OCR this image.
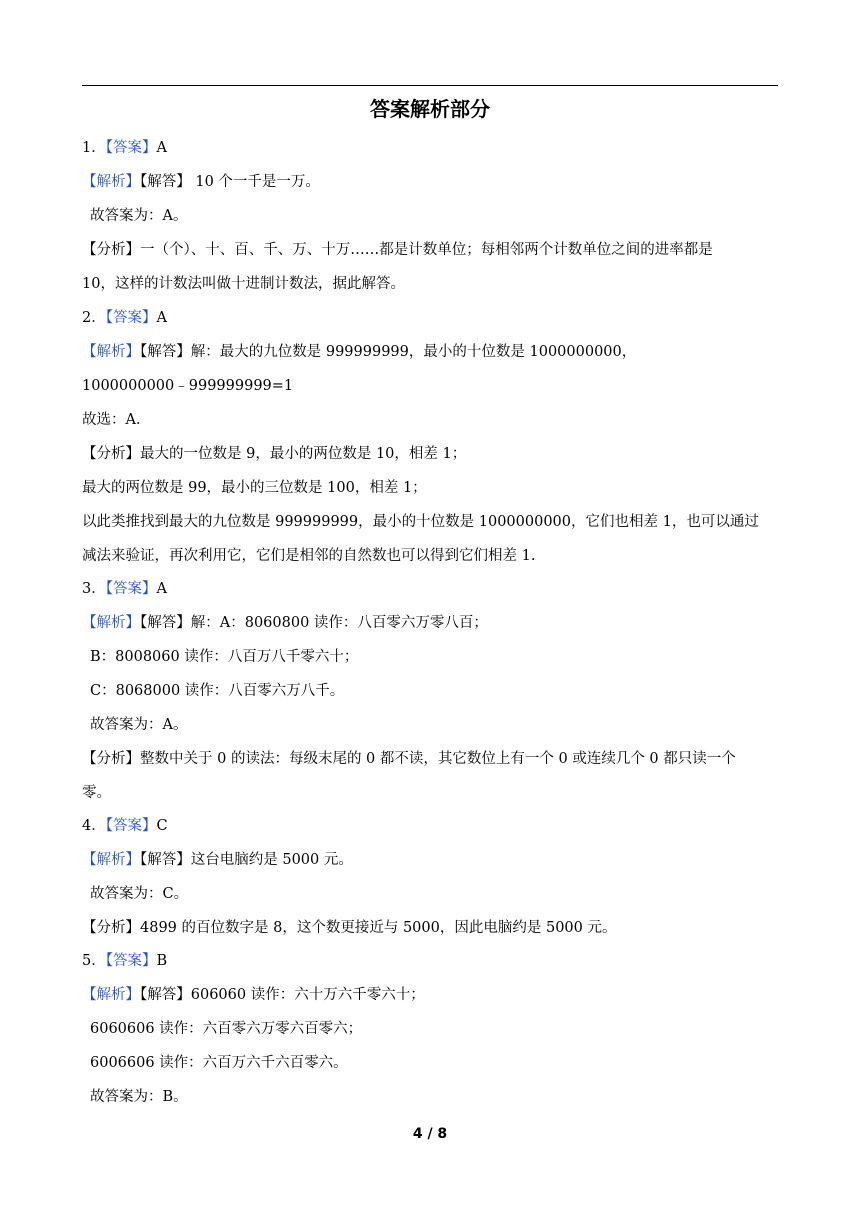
答案解析部分
1．【答案】A
【解析】【解答】 10 个一千是一万。
故答案为：A。
【分析】一（个）、十、百、千、万、十万……都是计数单位；每相邻两个计数单位之间的进率都是
10，这样的计数法叫做十进制计数法，据此解答。
2．【答案】A
【解析】【解答】解：最大的九位数是 999999999，最小的十位数是 1000000000，
1000000000﹣999999999=1
故选：A．
【分析】最大的一位数是 9，最小的两位数是 10，相差 1；
最大的两位数是 99，最小的三位数是 100，相差 1；
以此类推找到最大的九位数是 999999999，最小的十位数是 1000000000，它们也相差 1，也可以通过
减法来验证，再次利用它，它们是相邻的自然数也可以得到它们相差 1.
3．【答案】A
【解析】【解答】解：A：8060800 读作：八百零六万零八百；
B：8008060 读作：八百万八千零六十；
C：8068000 读作：八百零六万八千。
故答案为：A。
【分析】整数中关于 0 的读法：每级末尾的 0 都不读，其它数位上有一个 0 或连续几个 0 都只读一个
零。
4．【答案】C
【解析】【解答】这台电脑约是 5000 元。
故答案为：C。
【分析】4899 的百位数字是 8，这个数更接近与 5000，因此电脑约是 5000 元。
5．【答案】B
【解析】【解答】606060 读作：六十万六千零六十；
6060606 读作：六百零六万零六百零六；
6006606 读作：六百万六千六百零六。
故答案为：B。
4 / 8
